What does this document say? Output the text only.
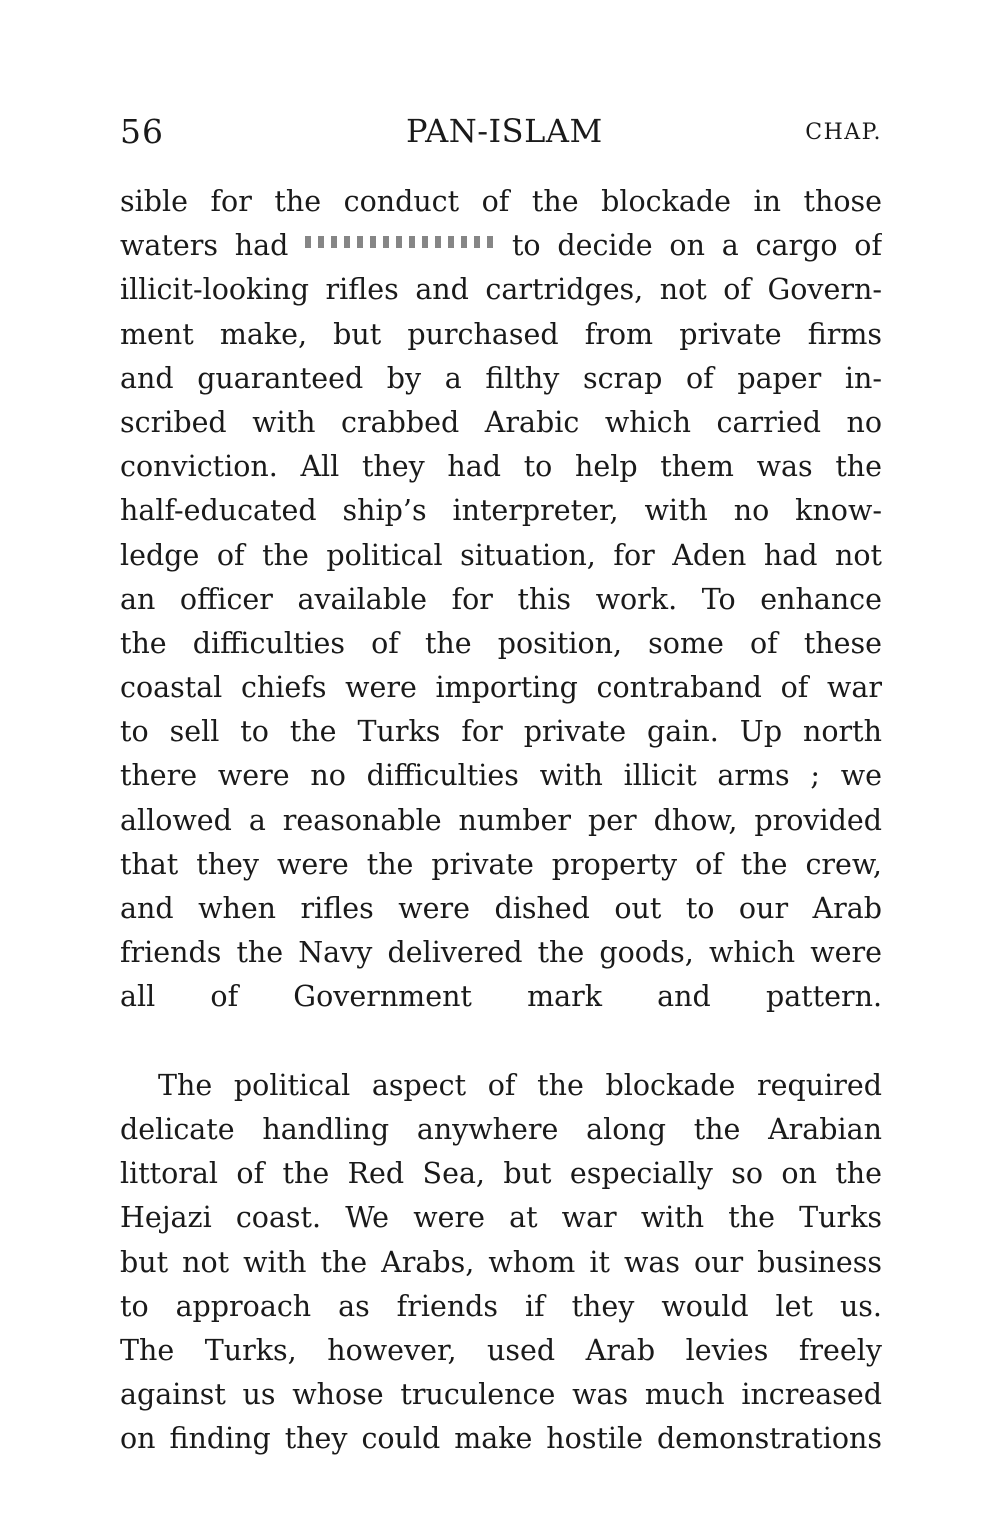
56	PAN-ISLAM	CHAP.
sible for the conduct of the blockade in those
waters had	to decide on a cargo of
illicit-looking rifles and cartridges, not of Govern-
ment make, but purchased from private firms
and guaranteed by a filthy scrap of paper in-
scribed with crabbed Arabic which carried no
conviction. All they had to help them was the
half-educated ship’s interpreter, with no know-
ledge of the political situation, for Aden had not
an officer available for this work. To enhance
the difficulties of the position, some of these
coastal chiefs were importing contraband of war
to sell to the Turks for private gain. Up north
there were no difficulties with illicit arms ; we
allowed a reasonable number per dhow, provided
that they were the private property of the crew,
and when rifles were dished out to our Arab
friends the Navy delivered the goods, which were
all of Government mark and pattern.
The political aspect of the blockade required
delicate handling anywhere along the Arabian
littoral of the Red Sea, but especially so on the
Hejazi coast. We were at war with the Turks
but not with the Arabs, whom it was our business
to approach as friends if they would let us.
The Turks, however, used Arab levies freely
against us whose truculence was much increased
on finding they could make hostile demonstrations
